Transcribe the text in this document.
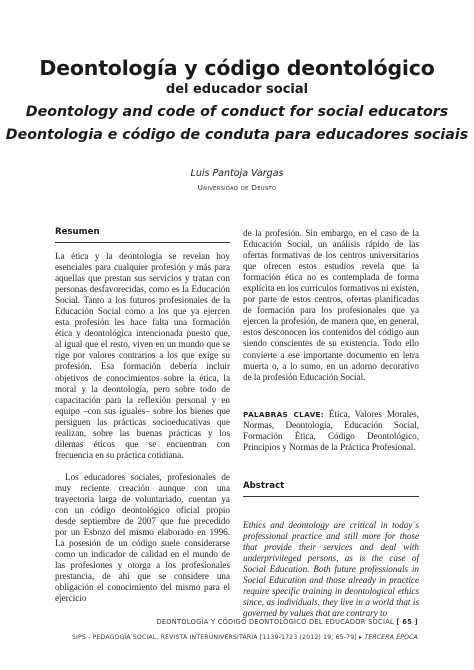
Deontología y código deontológico
del educador social
Deontology and code of conduct for social educators
Deontologia e código de conduta para educadores sociais
Luis Pantoja Vargas
Universidad de Deusto
Resumen

La ética y la deontología se revelan hoy esenciales para cualquier profesión y más para aquellas que prestan sus servicios y tratan con personas desfavorecidas, como es la Educación Social. Tanto a los futuros profesionales de la Educación Social como a los que ya ejercen esta profesión les hace falta una formación ética y deontológica intencionada puesto que, al igual que el resto, viven en un mundo que se rige por valores contrarios a los que exige su profesión. Esa formación debería incluir objetivos de conocimientos sobre la ética, la moral y la deontología, pero sobre todo de capacitación para la reflexión personal y en equipo –con sus iguales– sobre los bienes que persiguen las prácticas socioeducativas que realizan, sobre las buenas prácticas y los dilemas éticos que se encuentran con frecuencia en su práctica cotidiana.

Los educadores sociales, profesionales de muy reciente creación aunque con una trayectoria larga de voluntariado, cuentan ya con un código deontológico oficial propio desde septiembre de 2007 que fue precedido por un Esbozo del mismo elaborado en 1996. La posesión de un código suele considerarse como un indicador de calidad en el mundo de las profesiones y otorga a los profesionales prestancia, de ahí que se considere una obligación el conocimiento del mismo para el ejercicio

de la profesión. Sin embargo, en el caso de la Educación Social, un análisis rápido de las ofertas formativas de los centros universitarios que ofrecen estos estudios revela que la formación ética no es contemplada de forma explícita en los currículos formativos ni existen, por parte de estos centros, ofertas planificadas de formación para los profesionales que ya ejercen la profesión, de manera que, en general, estos desconocen los contenidos del código aun siendo conscientes de su existencia. Todo ello convierte a ese importante documento en letra muerta o, a lo sumo, en un adorno decorativo de la profesión Educación Social.

PALABRAS CLAVE: Ética, Valores Morales, Normas, Deontología, Educación Social, Formación Ética, Código Deontológico, Principios y Normas de la Práctica Profesional.

Abstract

Ethics and deontology are critical in today´s professional practice and still more for those that provide their services and deal with underprivileged persons, as is the case of Social Education. Both future professionals in Social Education and those already in practice require specific training in deontological ethics since, as individuals, they live in a world that is governed by values that are contrary to

DEONTOLOGÍA Y CÓDIGO DEONTOLÓGICO DEL EDUCADOR SOCIAL [ 65 ]
SIPS - PEDAGOGÍA SOCIAL. REVISTA INTERUNIVERSITARIA [1139-1723 (2012) 19, 65-79] ▸ TERCERA ÉPOCA
